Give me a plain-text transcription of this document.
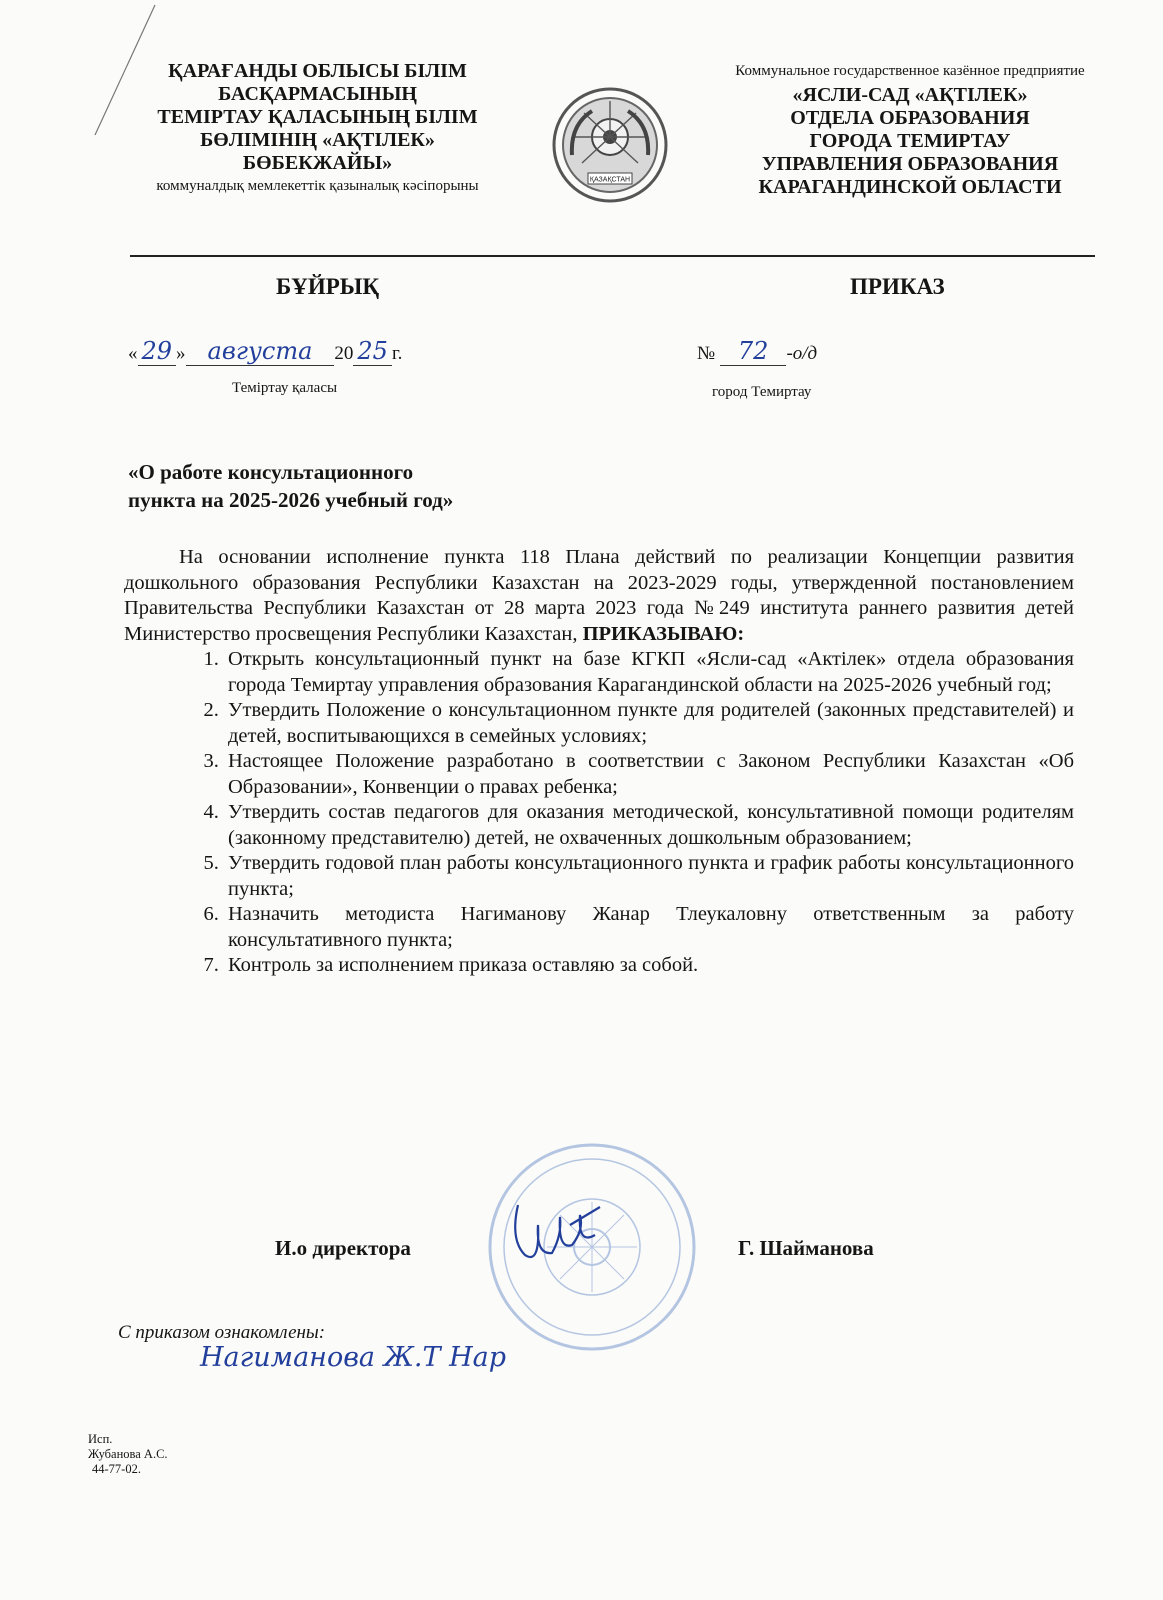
ҚАРАҒАНДЫ ОБЛЫСЫ БІЛІМ
БАСҚАРМАСЫНЫҢ
ТЕМІРТАУ ҚАЛАСЫНЫҢ БІЛІМ
БӨЛІМІНІҢ «АҚТІЛЕК»
БӨБЕКЖАЙЫ»
коммуналдық мемлекеттік қазыналық кәсіпорыны	ҚАЗАҚСТАН
Коммунальное государственное казённое предприятие
«ЯСЛИ-САД «АҚТІЛЕК»
ОТДЕЛА ОБРАЗОВАНИЯ
ГОРОДА ТЕМИРТАУ
УПРАВЛЕНИЯ ОБРАЗОВАНИЯ
КАРАГАНДИНСКОЙ ОБЛАСТИ
БҰЙРЫҚ	ПРИКАЗ
« 29 » августа 20 25 г.
Теміртау қаласы
№ 72 -о/д
город Темиртау
«О работе консультационного
пункта на 2025-2026 учебный год»

На основании исполнение пункта 118 Плана действий по реализации Концепции развития дошкольного образования Республики Казахстан на 2023-2029 годы, утвержденной постановлением Правительства Республики Казахстан от 28 марта 2023 года №249 института раннего развития детей Министерство просвещения Республики Казахстан, ПРИКАЗЫВАЮ:

1. Открыть консультационный пункт на базе КГКП «Ясли-сад «Актілек» отдела образования города Темиртау управления образования Карагандинской области на 2025-2026 учебный год;
2. Утвердить Положение о консультационном пункте для родителей (законных представителей) и детей, воспитывающихся в семейных условиях;
3. Настоящее Положение разработано в соответствии с Законом Республики Казахстан «Об Образовании», Конвенции о правах ребенка;
4. Утвердить состав педагогов для оказания методической, консультативной помощи родителям (законному представителю) детей, не охваченных дошкольным образованием;
5. Утвердить годовой план работы консультационного пункта и график работы консультационного пункта;
6. Назначить методиста Нагиманову Жанар Тлеукаловну ответственным за работу консультативного пункта;
7. Контроль за исполнением приказа оставляю за собой.
И.о директора	Г. Шайманова
С приказом ознакомлены:
Нагиманова Ж.Т Нар
Исп.
Жубанова А.С.
44-77-02.
